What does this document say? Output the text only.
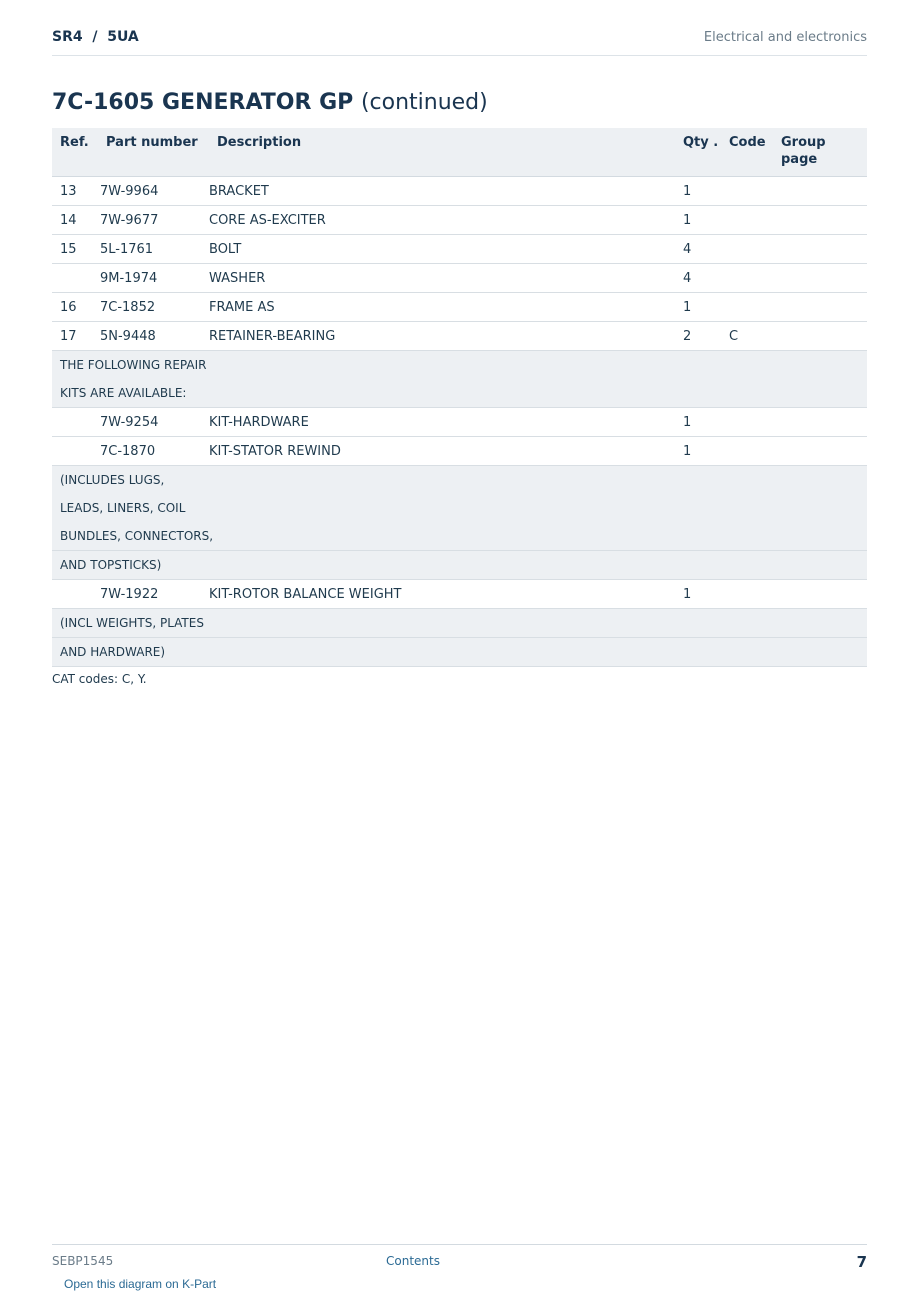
SR4  /  5UA	Electrical and electronics
7C-1605 GENERATOR GP (continued)
Ref.	Part number	Description	Qty .	Code	Group page
13	7W-9964	BRACKET	1		
14	7W-9677	CORE AS-EXCITER	1		
15	5L-1761	BOLT	4		
	9M-1974	WASHER	4		
16	7C-1852	FRAME AS	1		
17	5N-9448	RETAINER-BEARING	2	C	

THE FOLLOWING REPAIR
KITS ARE AVAILABLE:					

	7W-9254	KIT-HARDWARE	1		
	7C-1870	KIT-STATOR REWIND	1		

(INCLUDES LUGS,
LEADS, LINERS, COIL
BUNDLES, CONNECTORS,					

AND TOPSTICKS)					

	7W-1922	KIT-ROTOR BALANCE WEIGHT	1		

(INCL WEIGHTS, PLATES					

AND HARDWARE)					
CAT codes: C, Y.
SEBP1545	Contents	7
Open this diagram on K-Part
